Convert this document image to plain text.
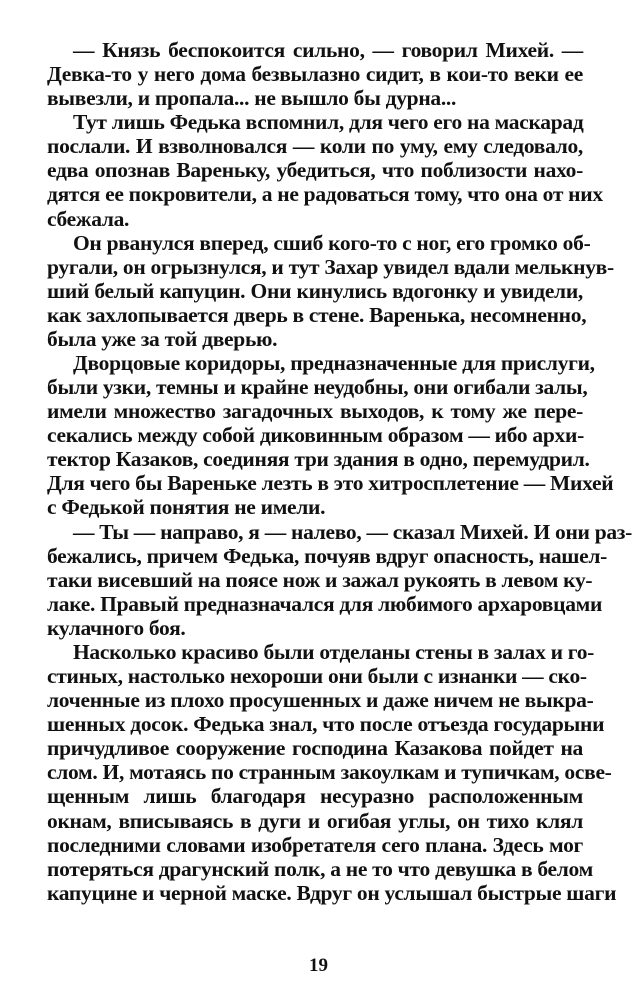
— Князь беспокоится сильно, — говорил Михей. —
Девка-то у него дома безвылазно сидит, в кои-то веки ее
вывезли, и пропала... не вышло бы дурна...
Тут лишь Федька вспомнил, для чего его на маскарад
послали. И взволновался — коли по уму, ему следовало,
едва опознав Вареньку, убедиться, что поблизости нахо-
дятся ее покровители, а не радоваться тому, что она от них
сбежала.
Он рванулся вперед, сшиб кого-то с ног, его громко об-
ругали, он огрызнулся, и тут Захар увидел вдали мелькнув-
ший белый капуцин. Они кинулись вдогонку и увидели,
как захлопывается дверь в стене. Варенька, несомненно,
была уже за той дверью.
Дворцовые коридоры, предназначенные для прислуги,
были узки, темны и крайне неудобны, они огибали залы,
имели множество загадочных выходов, к тому же пере-
секались между собой диковинным образом — ибо архи-
тектор Казаков, соединяя три здания в одно, перемудрил.
Для чего бы Вареньке лезть в это хитросплетение — Михей
с Федькой понятия не имели.
— Ты — направо, я — налево, — сказал Михей. И они раз-
бежались, причем Федька, почуяв вдруг опасность, нашел-
таки висевший на поясе нож и зажал рукоять в левом ку-
лаке. Правый предназначался для любимого архаровцами
кулачного боя.
Насколько красиво были отделаны стены в залах и го-
стиных, настолько нехороши они были с изнанки — ско-
лоченные из плохо просушенных и даже ничем не выкра-
шенных досок. Федька знал, что после отъезда государыни
причудливое сооружение господина Казакова пойдет на
слом. И, мотаясь по странным закоулкам и тупичкам, осве-
щенным лишь благодаря несуразно расположенным
окнам, вписываясь в дуги и огибая углы, он тихо клял
последними словами изобретателя сего плана. Здесь мог
потеряться драгунский полк, а не то что девушка в белом
капуцине и черной маске. Вдруг он услышал быстрые шаги
19
